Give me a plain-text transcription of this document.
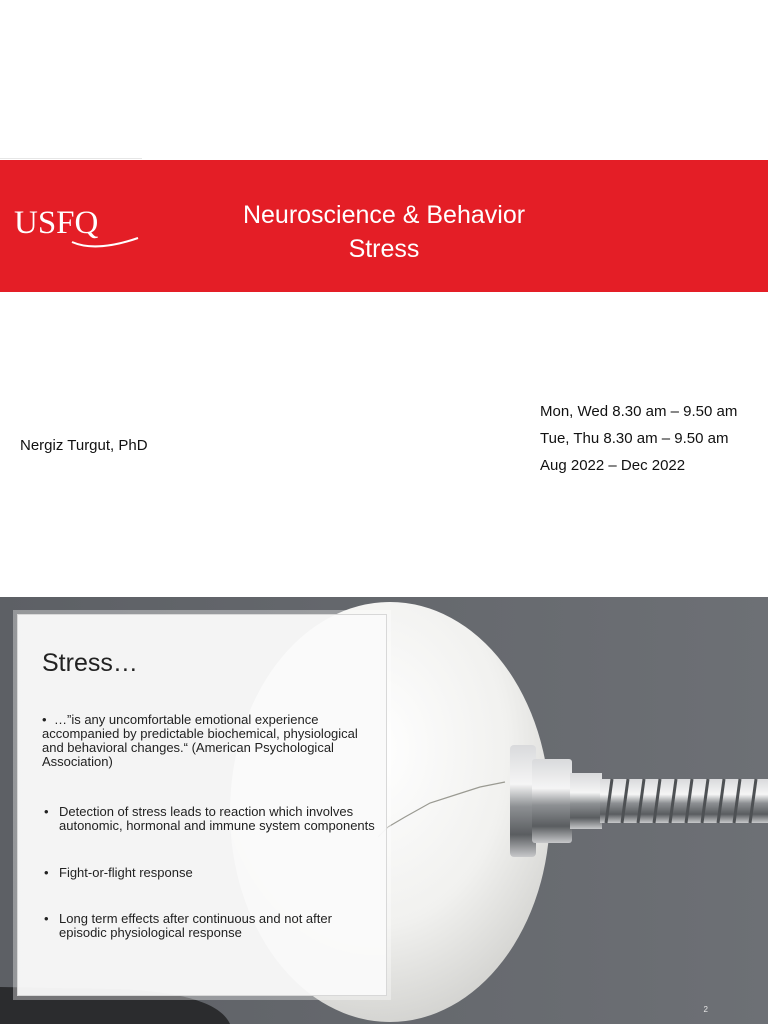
USFQ	Neuroscience & Behavior
Stress
Nergiz Turgut, PhD
Mon, Wed 8.30 am – 9.50 am
Tue, Thu 8.30 am – 9.50 am
Aug 2022 – Dec 2022
Stress…
• …”is any uncomfortable emotional experience accompanied by predictable biochemical, physiological and behavioral changes.“ (American Psychological Association)
• Detection of stress leads to reaction which involves autonomic, hormonal and immune system components
• Fight-or-flight response
• Long term effects after continuous and not after episodic physiological response
2
